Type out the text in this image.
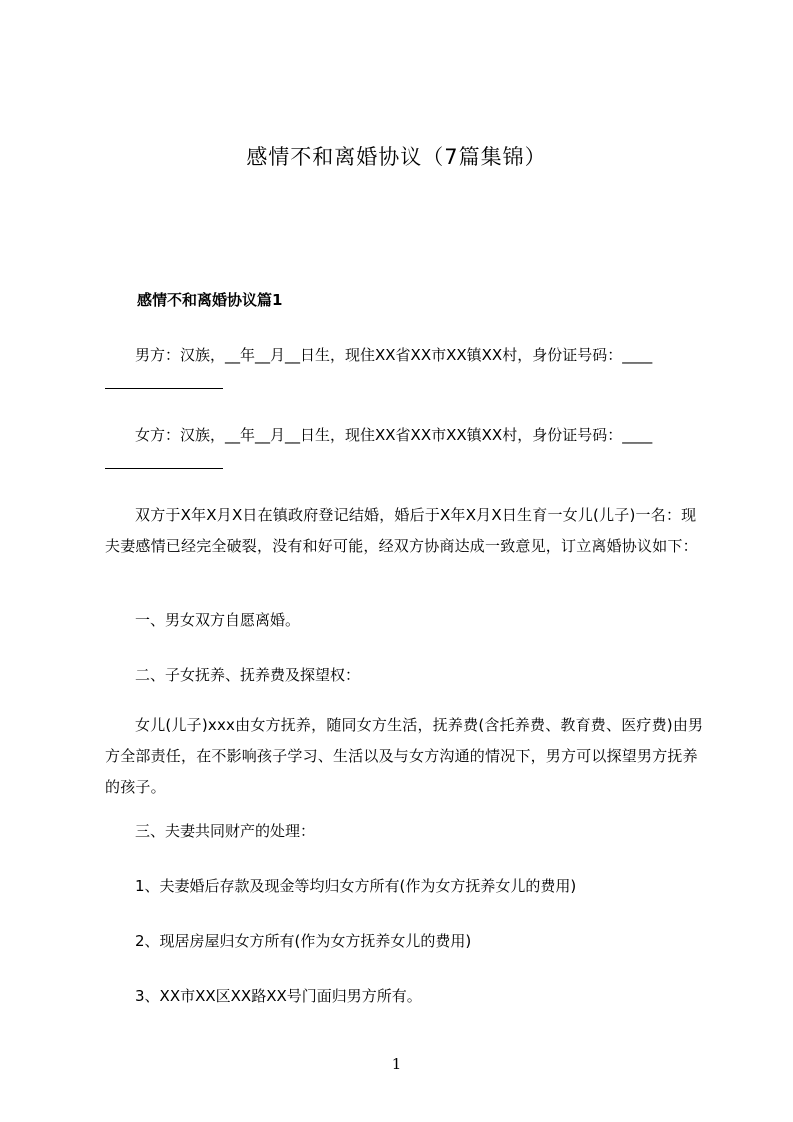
感情不和离婚协议（7篇集锦）
感情不和离婚协议篇1
男方：汉族，__年__月__日生，现住XX省XX市XX镇XX村，身份证号码：____
女方：汉族，__年__月__日生，现住XX省XX市XX镇XX村，身份证号码：____
双方于X年X月X日在镇政府登记结婚，婚后于X年X月X日生育一女儿(儿子)一名：现夫妻感情已经完全破裂，没有和好可能，经双方协商达成一致意见，订立离婚协议如下：
一、男女双方自愿离婚。
二、子女抚养、抚养费及探望权：
女儿(儿子)xxx由女方抚养，随同女方生活，抚养费(含托养费、教育费、医疗费)由男方全部责任，在不影响孩子学习、生活以及与女方沟通的情况下，男方可以探望男方抚养的孩子。
三、夫妻共同财产的处理：
1、夫妻婚后存款及现金等均归女方所有(作为女方抚养女儿的费用)
2、现居房屋归女方所有(作为女方抚养女儿的费用)
3、XX市XX区XX路XX号门面归男方所有。
1
